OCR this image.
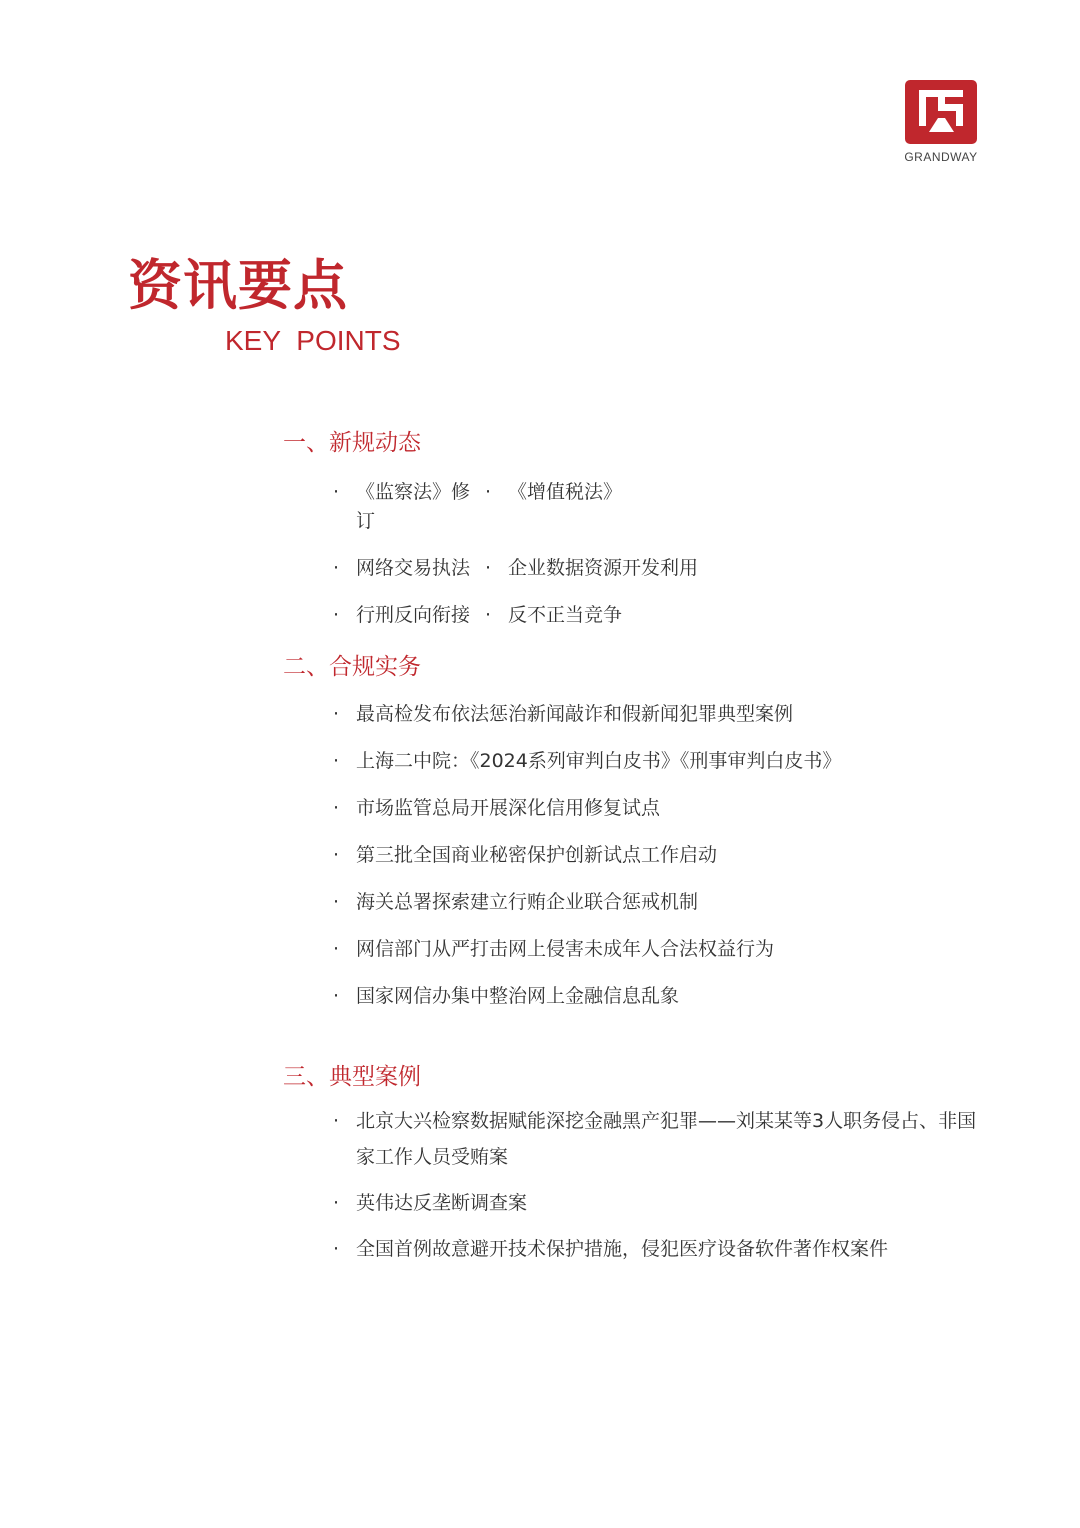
GRANDWAY
资讯要点
KEY POINTS
一、新规动态
· 《监察法》修订
· 《增值税法》
· 网络交易执法	· 企业数据资源开发利用
· 行刑反向衔接	· 反不正当竞争
二、合规实务
· 最高检发布依法惩治新闻敲诈和假新闻犯罪典型案例
· 上海二中院：《2024系列审判白皮书》《刑事审判白皮书》
· 市场监管总局开展深化信用修复试点
· 第三批全国商业秘密保护创新试点工作启动
· 海关总署探索建立行贿企业联合惩戒机制
· 网信部门从严打击网上侵害未成年人合法权益行为
· 国家网信办集中整治网上金融信息乱象
三、典型案例
· 北京大兴检察数据赋能深挖金融黑产犯罪——刘某某等3人职务侵占、非国家工作人员受贿案
· 英伟达反垄断调查案
· 全国首例故意避开技术保护措施，侵犯医疗设备软件著作权案件
